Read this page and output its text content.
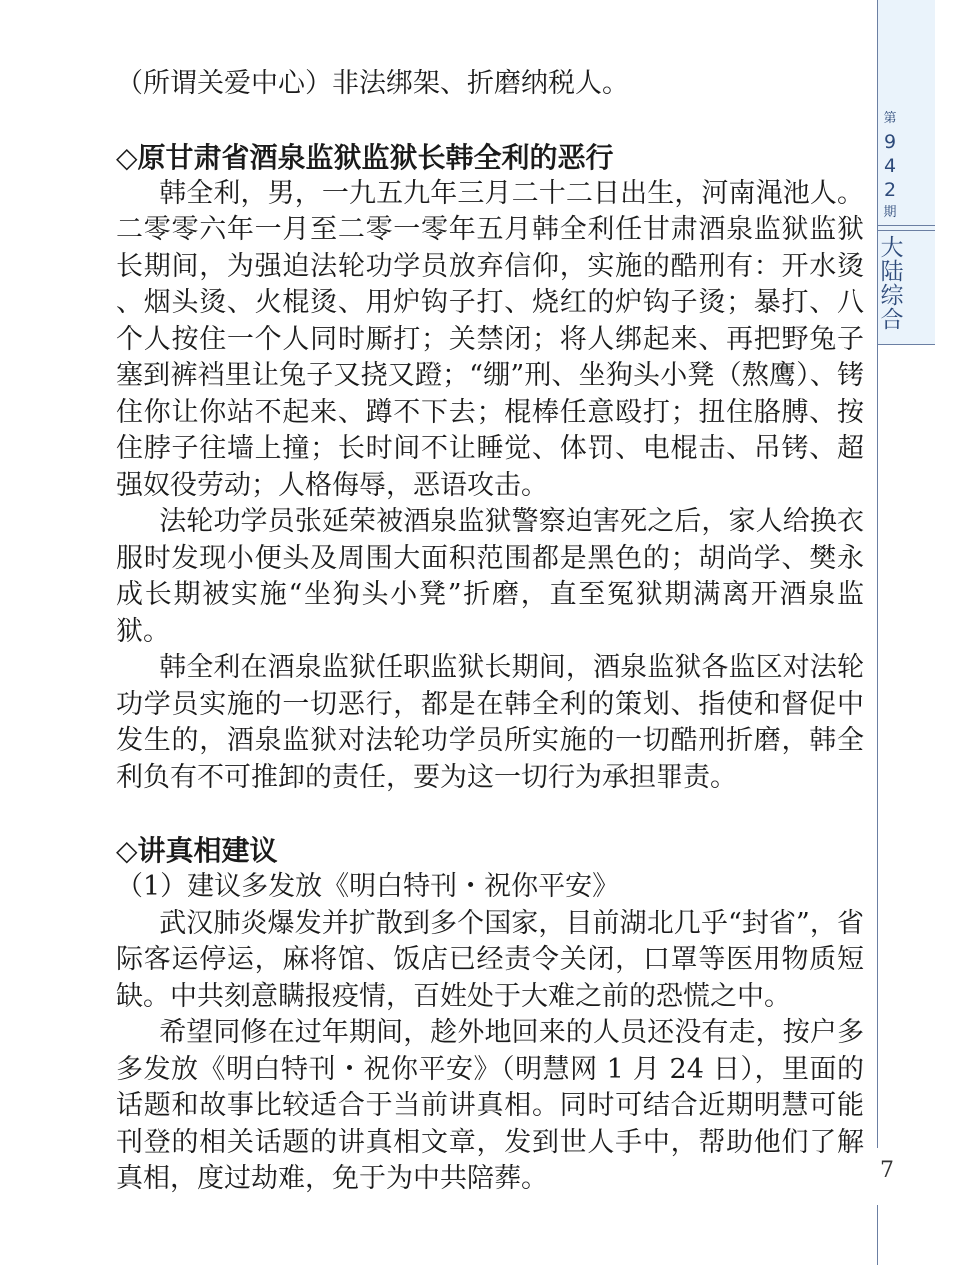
（所谓关爱中心）非法绑架、折磨纳税人。

◇原甘肃省酒泉监狱监狱长韩全利的恶行

韩全利，男，一九五九年三月二十二日出生，河南渑池人。二零零六年一月至二零一零年五月韩全利任甘肃酒泉监狱监狱长期间，为强迫法轮功学员放弃信仰，实施的酷刑有：开水烫 、烟头烫、火棍烫、用炉钩子打、烧红的炉钩子烫；暴打、八个人按住一个人同时厮打；关禁闭；将人绑起来、再把野兔子塞到裤裆里让兔子又挠又蹬；“绷”刑、坐狗头小凳（熬鹰）、铐住你让你站不起来、蹲不下去；棍棒任意殴打；扭住胳膊、按住脖子往墙上撞；长时间不让睡觉、体罚、电棍击、吊铐、超强奴役劳动；人格侮辱，恶语攻击。

法轮功学员张延荣被酒泉监狱警察迫害死之后，家人给换衣服时发现小便头及周围大面积范围都是黑色的；胡尚学、樊永成长期被实施“坐狗头小凳”折磨，直至冤狱期满离开酒泉监狱。

韩全利在酒泉监狱任职监狱长期间，酒泉监狱各监区对法轮功学员实施的一切恶行，都是在韩全利的策划、指使和督促中发生的，酒泉监狱对法轮功学员所实施的一切酷刑折磨，韩全利负有不可推卸的责任，要为这一切行为承担罪责。

◇讲真相建议

（1）建议多发放《明白特刊・祝你平安》

武汉肺炎爆发并扩散到多个国家，目前湖北几乎“封省”，省际客运停运，麻将馆、饭店已经责令关闭，口罩等医用物质短缺。中共刻意瞒报疫情，百姓处于大难之前的恐慌之中。

希望同修在过年期间，趁外地回来的人员还没有走，按户多多发放《明白特刊・祝你平安》（明慧网 1 月 24 日），里面的话题和故事比较适合于当前讲真相。同时可结合近期明慧可能刊登的相关话题的讲真相文章，发到世人手中，帮助他们了解真相，度过劫难，免于为中共陪葬。

第
9
4
2
期
大
陆
综
合
7
